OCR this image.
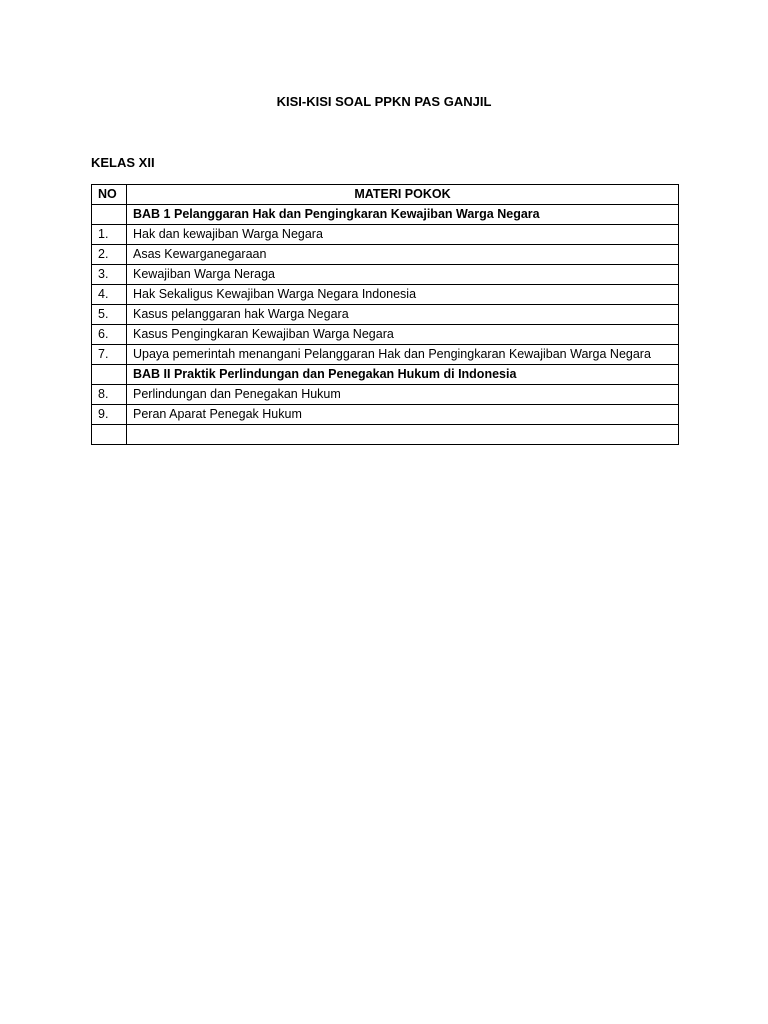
KISI-KISI SOAL PPKN PAS GANJIL
KELAS XII
NO	MATERI POKOK
	BAB 1 Pelanggaran Hak dan Pengingkaran Kewajiban Warga Negara
1.	Hak dan kewajiban Warga Negara
2.	Asas Kewarganegaraan
3.	Kewajiban Warga Neraga
4.	Hak Sekaligus Kewajiban Warga Negara Indonesia
5.	Kasus pelanggaran hak Warga Negara
6.	Kasus Pengingkaran Kewajiban Warga Negara
7.	Upaya pemerintah menangani Pelanggaran Hak dan Pengingkaran Kewajiban Warga Negara
	BAB II Praktik Perlindungan dan Penegakan Hukum di Indonesia
8.	Perlindungan dan Penegakan Hukum
9.	Peran Aparat Penegak Hukum
